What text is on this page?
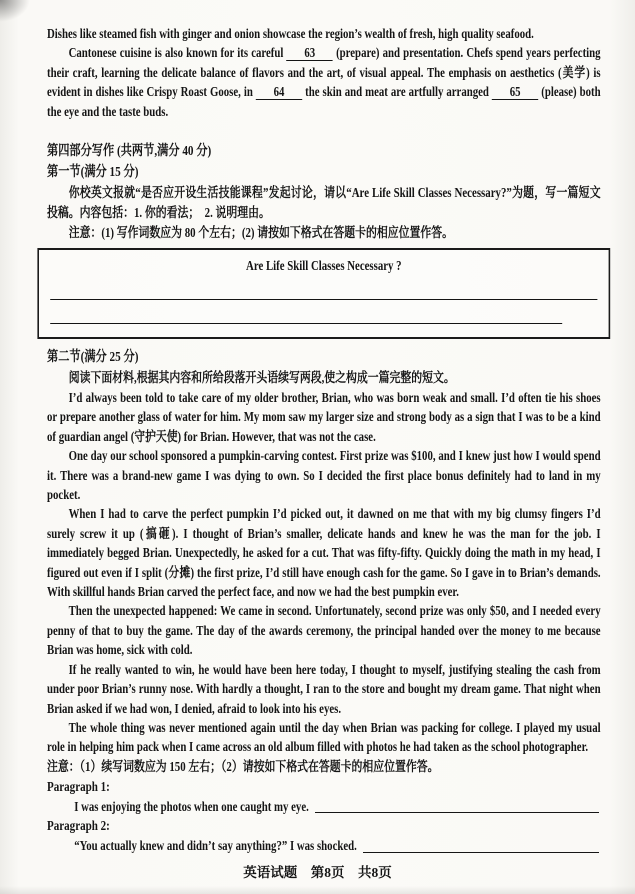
Dishes like steamed fish with ginger and onion showcase the region’s wealth of fresh, high quality seafood.
Cantonese cuisine is also known for its careful 63 (prepare) and presentation. Chefs spend years perfecting their craft, learning the delicate balance of flavors and the art, of visual appeal. The emphasis on aesthetics (美学) is evident in dishes like Crispy Roast Goose, in 64 the skin and meat are artfully arranged 65 (please) both the eye and the taste buds.
第四部分写作 (共两节,满分 40 分)
第一节(满分 15 分)
你校英文报就“是否应开设生活技能课程”发起讨论，请以“Are Life Skill Classes Necessary?”为题，写一篇短文投稿。内容包括：1. 你的看法；　2. 说明理由。
注意：(1) 写作词数应为 80 个左右；(2) 请按如下格式在答题卡的相应位置作答。
Are Life Skill Classes Necessary ?
第二节(满分 25 分)
阅读下面材料,根据其内容和所给段落开头语续写两段,使之构成一篇完整的短文。
I’d always been told to take care of my older brother, Brian, who was born weak and small. I’d often tie his shoes or prepare another glass of water for him. My mom saw my larger size and strong body as a sign that I was to be a kind of guardian angel (守护天使) for Brian. However, that was not the case.
One day our school sponsored a pumpkin-carving contest. First prize was $100, and I knew just how I would spend it. There was a brand-new game I was dying to own. So I decided the first place bonus definitely had to land in my pocket.
When I had to carve the perfect pumpkin I’d picked out, it dawned on me that with my big clumsy fingers I’d surely screw it up (搞砸). I thought of Brian’s smaller, delicate hands and knew he was the man for the job. I immediately begged Brian. Unexpectedly, he asked for a cut. That was fifty-fifty. Quickly doing the math in my head, I figured out even if I split (分摊) the first prize, I’d still have enough cash for the game. So I gave in to Brian’s demands. With skillful hands Brian carved the perfect face, and now we had the best pumpkin ever.
Then the unexpected happened: We came in second. Unfortunately, second prize was only $50, and I needed every penny of that to buy the game. The day of the awards ceremony, the principal handed over the money to me because Brian was home, sick with cold.
If he really wanted to win, he would have been here today, I thought to myself, justifying stealing the cash from under poor Brian’s runny nose. With hardly a thought, I ran to the store and bought my dream game. That night when Brian asked if we had won, I denied, afraid to look into his eyes.
The whole thing was never mentioned again until the day when Brian was packing for college. I played my usual role in helping him pack when I came across an old album filled with photos he had taken as the school photographer.
注意：（1）续写词数应为 150 左右；（2）请按如下格式在答题卡的相应位置作答。
Paragraph 1:
I was enjoying the photos when one caught my eye.
Paragraph 2:
“You actually knew and didn’t say anything?” I was shocked.
英语试题　第8页　共8页
